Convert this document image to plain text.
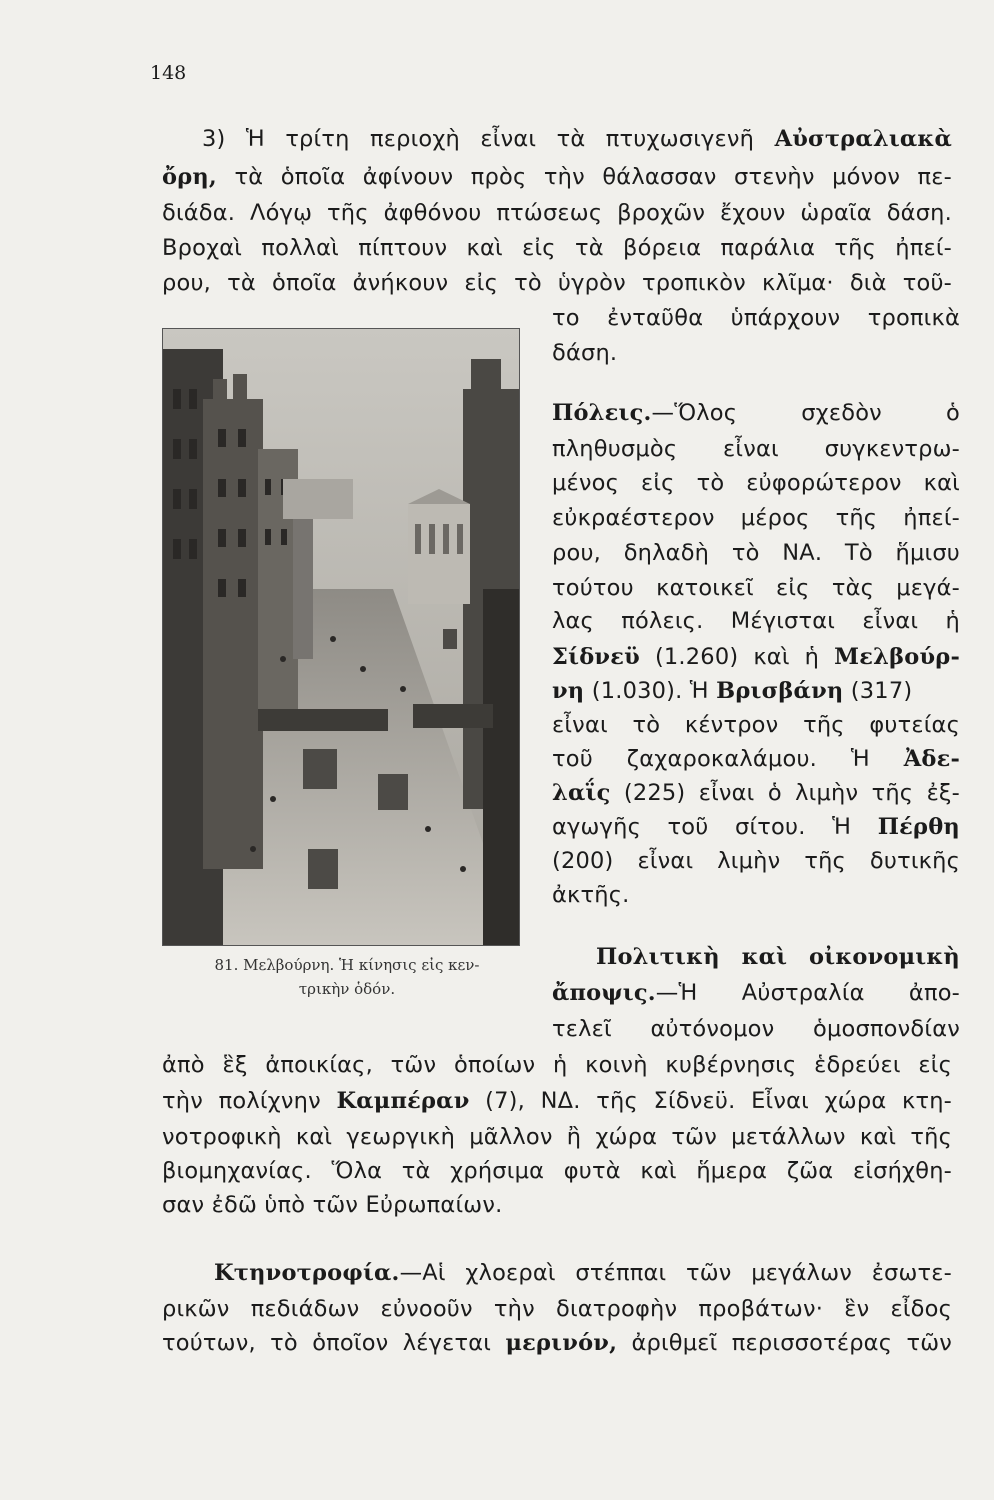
148
3) Ἡ τρίτη περιοχὴ εἶναι τὰ πτυχωσιγενῆ Αὐστραλιακὰ
ὄρη, τὰ ὁποῖα ἀφίνουν πρὸς τὴν θάλασσαν στενὴν μόνον πε-
διάδα. Λόγῳ τῆς ἀφθόνου πτώσεως βροχῶν ἔχουν ὡραῖα δάση.
Βροχαὶ πολλαὶ πίπτουν καὶ εἰς τὰ βόρεια παράλια τῆς ἠπεί-
ρου, τὰ ὁποῖα ἀνήκουν εἰς τὸ ὑγρὸν τροπικὸν κλῖμα· διὰ τοῦ-
το ἐνταῦθα ὑπάρχουν τροπικὰ
δάση.
81. Μελβούρνη. Ἡ κίνησις εἰς κεν-
τρικὴν ὁδόν.
Πόλεις.—Ὅλος σχεδὸν ὁ
πληθυσμὸς εἶναι συγκεντρω-
μένος εἰς τὸ εὐφορώτερον καὶ
εὐκραέστερον μέρος τῆς ἠπεί-
ρου, δηλαδὴ τὸ ΝΑ. Τὸ ἥμισυ
τούτου κατοικεῖ εἰς τὰς μεγά-
λας πόλεις. Μέγισται εἶναι ἡ
Σίδνεϋ (1.260) καὶ ἡ Μελβούρ-
νη (1.030). Ἡ Βρισβάνη (317)
εἶναι τὸ κέντρον τῆς φυτείας
τοῦ ζαχαροκαλάμου. Ἡ Ἀδε-
λαΐς (225) εἶναι ὁ λιμὴν τῆς ἐξ-
αγωγῆς τοῦ σίτου. Ἡ Πέρθη
(200) εἶναι λιμὴν τῆς δυτικῆς
ἀκτῆς.
Πολιτικὴ καὶ οἰκονομικὴ
ἄποψις.—Ἡ Αὐστραλία ἀπο-
τελεῖ αὐτόνομον ὁμοσπονδίαν
ἀπὸ ἓξ ἀποικίας, τῶν ὁποίων ἡ κοινὴ κυβέρνησις ἑδρεύει εἰς
τὴν πολίχνην Καμπέραν (7), ΝΔ. τῆς Σίδνεϋ. Εἶναι χώρα κτη-
νοτροφικὴ καὶ γεωργικὴ μᾶλλον ἢ χώρα τῶν μετάλλων καὶ τῆς
βιομηχανίας. Ὅλα τὰ χρήσιμα φυτὰ καὶ ἥμερα ζῶα εἰσήχθη-
σαν ἐδῶ ὑπὸ τῶν Εὐρωπαίων.
Κτηνοτροφία.—Αἱ χλοεραὶ στέππαι τῶν μεγάλων ἐσωτε-
ρικῶν πεδιάδων εὐνοοῦν τὴν διατροφὴν προβάτων· ἓν εἶδος
τούτων, τὸ ὁποῖον λέγεται μερινόν, ἀριθμεῖ περισσοτέρας τῶν
